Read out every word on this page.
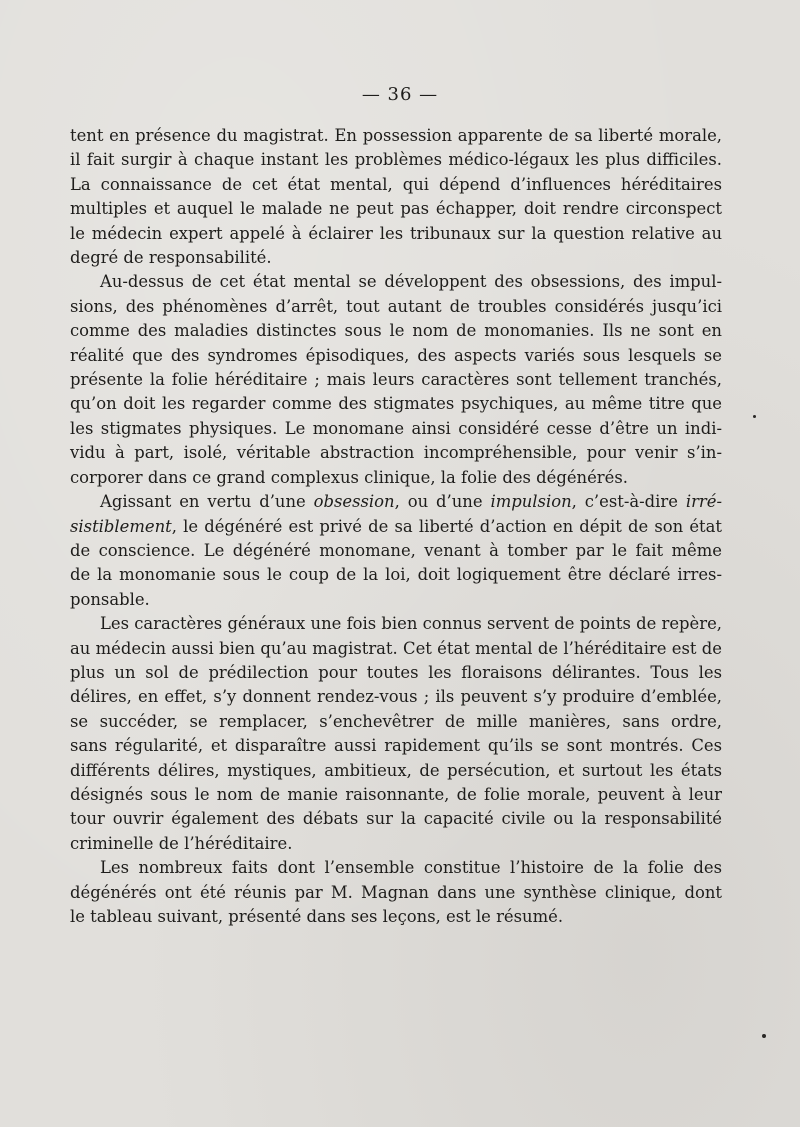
— 36 —
tent en présence du magistrat. En possession apparente de sa liberté morale,
il fait surgir à chaque instant les problèmes médico-légaux les plus difficiles.
La connaissance de cet état mental, qui dépend d’influences héréditaires
multiples et auquel le malade ne peut pas échapper, doit rendre circonspect
le médecin expert appelé à éclairer les tribunaux sur la question relative au
degré de responsabilité.
Au-dessus de cet état mental se développent des obsessions, des impul-
sions, des phénomènes d’arrêt, tout autant de troubles considérés jusqu’ici
comme des maladies distinctes sous le nom de monomanies. Ils ne sont en
réalité que des syndromes épisodiques, des aspects variés sous lesquels se
présente la folie héréditaire ; mais leurs caractères sont tellement tranchés,
qu’on doit les regarder comme des stigmates psychiques, au même titre que
les stigmates physiques. Le monomane ainsi considéré cesse d’être un indi-
vidu à part, isolé, véritable abstraction incompréhensible, pour venir s’in-
corporer dans ce grand complexus clinique, la folie des dégénérés.
Agissant en vertu d’une obsession, ou d’une impulsion, c’est-à-dire irré-
sistiblement, le dégénéré est privé de sa liberté d’action en dépit de son état
de conscience. Le dégénéré monomane, venant à tomber par le fait même
de la monomanie sous le coup de la loi, doit logiquement être déclaré irres-
ponsable.
Les caractères généraux une fois bien connus servent de points de repère,
au médecin aussi bien qu’au magistrat. Cet état mental de l’héréditaire est de
plus un sol de prédilection pour toutes les floraisons délirantes. Tous les
délires, en effet, s’y donnent rendez-vous ; ils peuvent s’y produire d’emblée,
se succéder, se remplacer, s’enchevêtrer de mille manières, sans ordre,
sans régularité, et disparaître aussi rapidement qu’ils se sont montrés. Ces
différents délires, mystiques, ambitieux, de persécution, et surtout les états
désignés sous le nom de manie raisonnante, de folie morale, peuvent à leur
tour ouvrir également des débats sur la capacité civile ou la responsabilité
criminelle de l’héréditaire.
Les nombreux faits dont l’ensemble constitue l’histoire de la folie des
dégénérés ont été réunis par M. Magnan dans une synthèse clinique, dont
le tableau suivant, présenté dans ses leçons, est le résumé.
